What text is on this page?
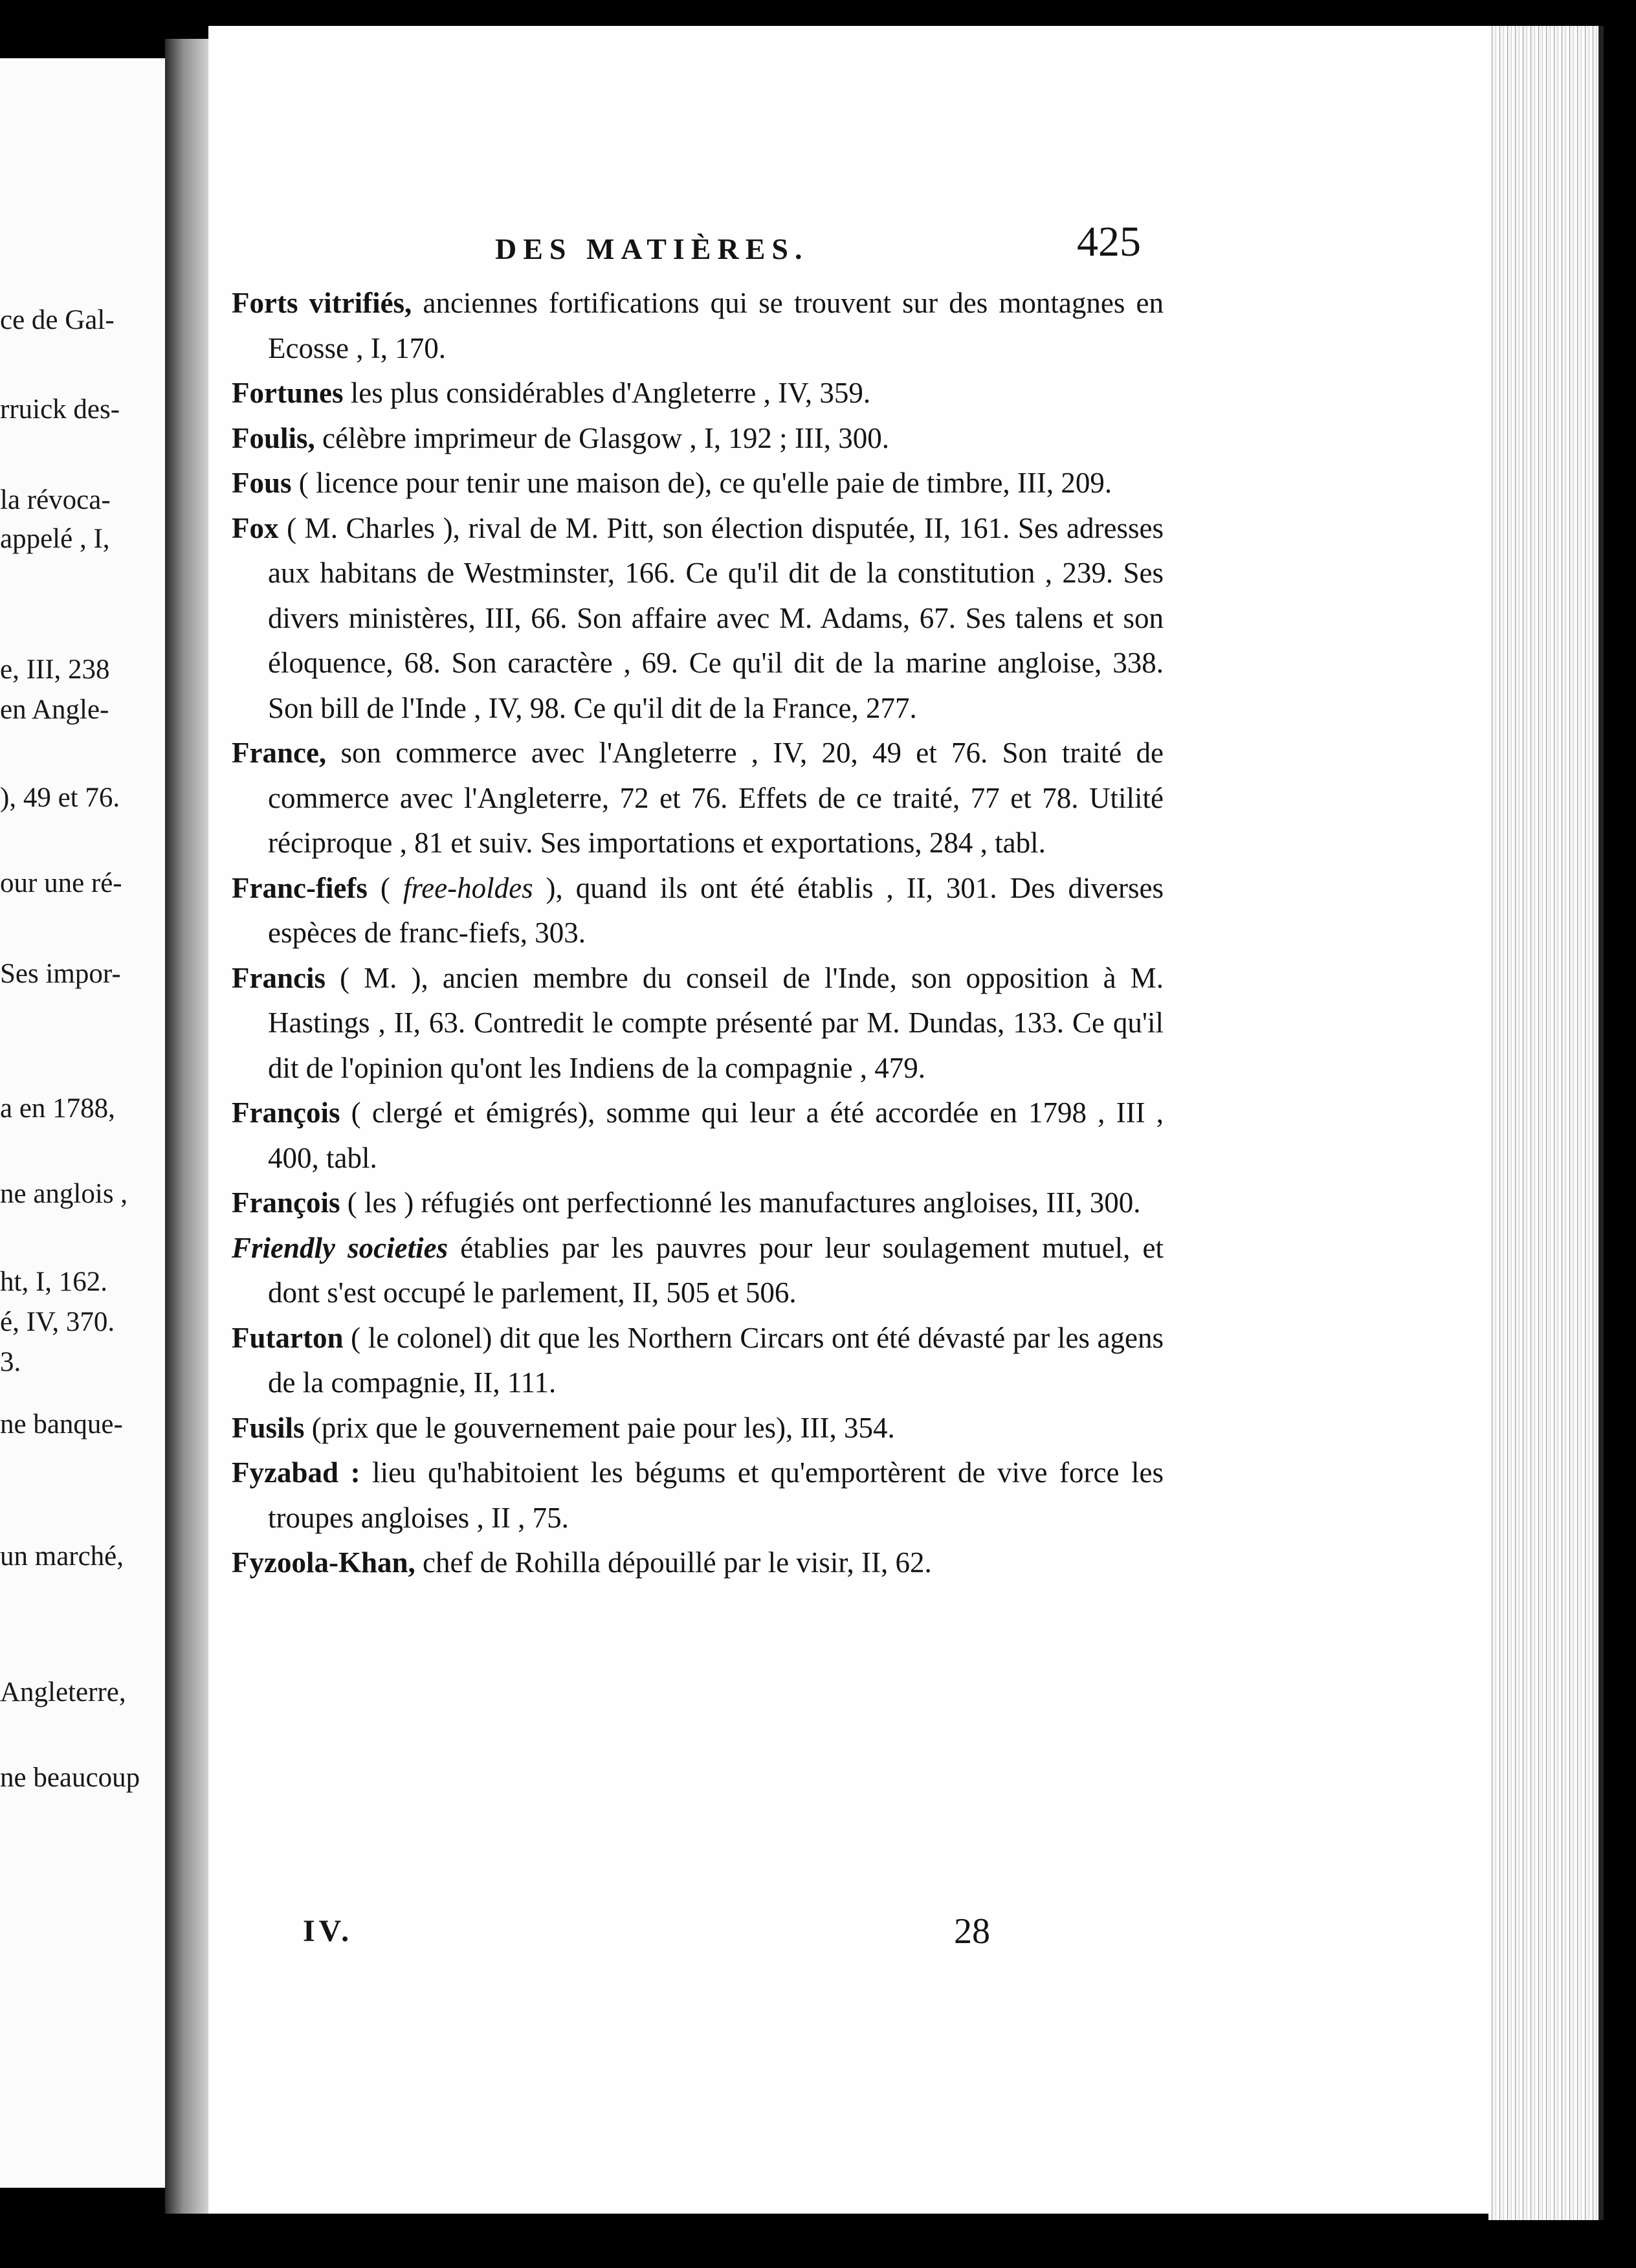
ce de Gal-
rruick des-
la révoca-
appelé , I,
e, III, 238
en Angle-
), 49 et 76.
our une ré-
Ses impor-
a en 1788,
ne anglois ,
ht, I, 162.
é, IV, 370.
3.
ne banque-
un marché,
Angleterre,
ne beaucoup
DES MATIÈRES.	425
Forts vitrifiés, anciennes fortifications qui se trouvent sur des montagnes en Ecosse , I, 170.
Fortunes les plus considérables d'Angleterre , IV, 359.
Foulis, célèbre imprimeur de Glasgow , I, 192 ; III, 300.
Fous ( licence pour tenir une maison de), ce qu'elle paie de timbre, III, 209.
Fox ( M. Charles ), rival de M. Pitt, son élection disputée, II, 161. Ses adresses aux habitans de Westminster, 166. Ce qu'il dit de la constitution , 239. Ses divers ministères, III, 66. Son affaire avec M. Adams, 67. Ses talens et son éloquence, 68. Son caractère , 69. Ce qu'il dit de la marine angloise, 338. Son bill de l'Inde , IV, 98. Ce qu'il dit de la France, 277.
France, son commerce avec l'Angleterre , IV, 20, 49 et 76. Son traité de commerce avec l'Angleterre, 72 et 76. Effets de ce traité, 77 et 78. Utilité réciproque , 81 et suiv. Ses importations et exportations, 284 , tabl.
Franc-fiefs ( free-holdes ), quand ils ont été établis , II, 301. Des diverses espèces de franc-fiefs, 303.
Francis ( M. ), ancien membre du conseil de l'Inde, son opposition à M. Hastings , II, 63. Contredit le compte présenté par M. Dundas, 133. Ce qu'il dit de l'opinion qu'ont les Indiens de la compagnie , 479.
François ( clergé et émigrés), somme qui leur a été accordée en 1798 , III , 400, tabl.
François ( les ) réfugiés ont perfectionné les manufactures angloises, III, 300.
Friendly societies établies par les pauvres pour leur soulagement mutuel, et dont s'est occupé le parlement, II, 505 et 506.
Futarton ( le colonel) dit que les Northern Circars ont été dévasté par les agens de la compagnie, II, 111.
Fusils (prix que le gouvernement paie pour les), III, 354.
Fyzabad : lieu qu'habitoient les bégums et qu'emportèrent de vive force les troupes angloises , II , 75.
Fyzoola-Khan, chef de Rohilla dépouillé par le visir, II, 62.
IV.	28
